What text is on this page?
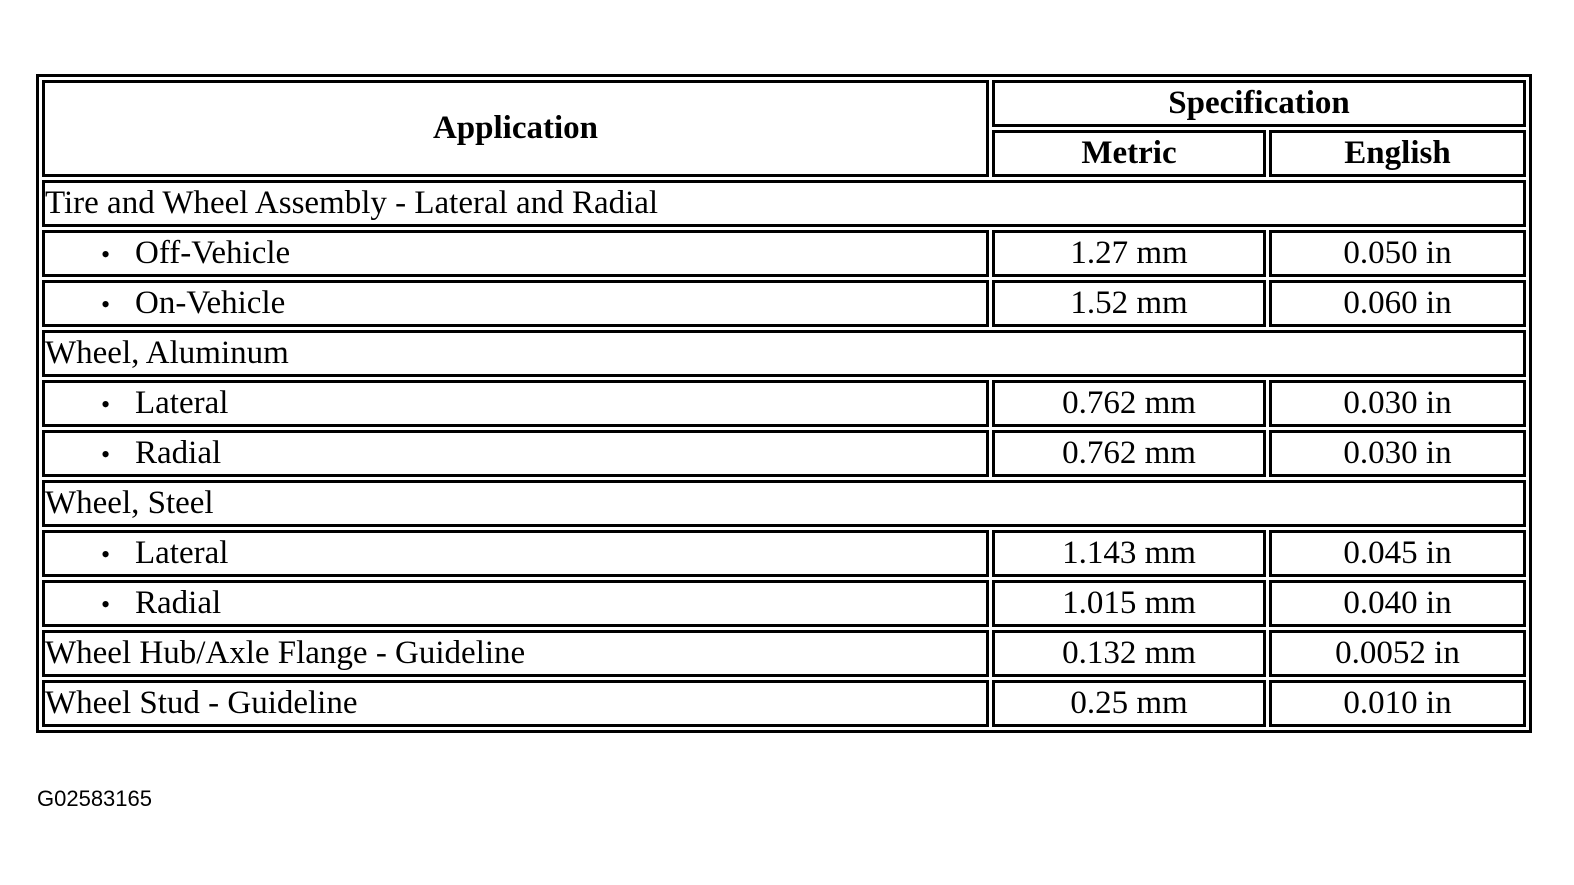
Application	Specification	
	Metric	English
Tire and Wheel Assembly - Lateral and Radial		
• Off-Vehicle	1.27 mm	0.050 in
• On-Vehicle	1.52 mm	0.060 in
Wheel, Aluminum		
• Lateral	0.762 mm	0.030 in
• Radial	0.762 mm	0.030 in
Wheel, Steel		
• Lateral	1.143 mm	0.045 in
• Radial	1.015 mm	0.040 in
Wheel Hub/Axle Flange - Guideline	0.132 mm	0.0052 in
Wheel Stud - Guideline	0.25 mm	0.010 in
G02583165
